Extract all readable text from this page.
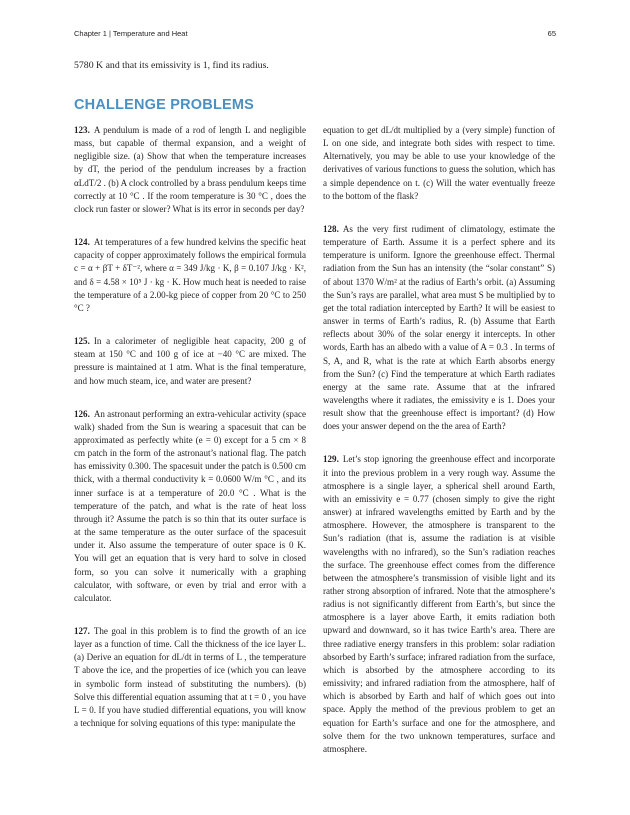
Chapter 1 | Temperature and Heat	65
5780 K and that its emissivity is 1, find its radius.
CHALLENGE PROBLEMS

123. A pendulum is made of a rod of length L and negligible mass, but capable of thermal expansion, and a weight of negligible size. (a) Show that when the temperature increases by dT, the period of the pendulum increases by a fraction αLdT/2 . (b) A clock controlled by a brass pendulum keeps time correctly at 10 °C . If the room temperature is 30 °C , does the clock run faster or slower? What is its error in seconds per day?

124. At temperatures of a few hundred kelvins the specific heat capacity of copper approximately follows the empirical formula c = α + βT + δT⁻², where α = 349 J/kg · K, β = 0.107 J/kg · K², and δ = 4.58 × 10⁵ J · kg · K. How much heat is needed to raise the temperature of a 2.00-kg piece of copper from 20 °C to 250 °C ?

125. In a calorimeter of negligible heat capacity, 200 g of steam at 150 °C and 100 g of ice at −40 °C are mixed. The pressure is maintained at 1 atm. What is the final temperature, and how much steam, ice, and water are present?

126. An astronaut performing an extra-vehicular activity (space walk) shaded from the Sun is wearing a spacesuit that can be approximated as perfectly white (e = 0) except for a 5 cm × 8 cm patch in the form of the astronaut’s national flag. The patch has emissivity 0.300. The spacesuit under the patch is 0.500 cm thick, with a thermal conductivity k = 0.0600 W/m °C , and its inner surface is at a temperature of 20.0 °C . What is the temperature of the patch, and what is the rate of heat loss through it? Assume the patch is so thin that its outer surface is at the same temperature as the outer surface of the spacesuit under it. Also assume the temperature of outer space is 0 K. You will get an equation that is very hard to solve in closed form, so you can solve it numerically with a graphing calculator, with software, or even by trial and error with a calculator.

127. The goal in this problem is to find the growth of an ice layer as a function of time. Call the thickness of the ice layer L. (a) Derive an equation for dL/dt in terms of L , the temperature T above the ice, and the properties of ice (which you can leave in symbolic form instead of substituting the numbers). (b) Solve this differential equation assuming that at t = 0 , you have L = 0. If you have studied differential equations, you will know a technique for solving equations of this type: manipulate the

equation to get dL/dt multiplied by a (very simple) function of L on one side, and integrate both sides with respect to time. Alternatively, you may be able to use your knowledge of the derivatives of various functions to guess the solution, which has a simple dependence on t. (c) Will the water eventually freeze to the bottom of the flask?

128. As the very first rudiment of climatology, estimate the temperature of Earth. Assume it is a perfect sphere and its temperature is uniform. Ignore the greenhouse effect. Thermal radiation from the Sun has an intensity (the “solar constant” S) of about 1370 W/m² at the radius of Earth’s orbit. (a) Assuming the Sun’s rays are parallel, what area must S be multiplied by to get the total radiation intercepted by Earth? It will be easiest to answer in terms of Earth’s radius, R. (b) Assume that Earth reflects about 30% of the solar energy it intercepts. In other words, Earth has an albedo with a value of A = 0.3 . In terms of S, A, and R, what is the rate at which Earth absorbs energy from the Sun? (c) Find the temperature at which Earth radiates energy at the same rate. Assume that at the infrared wavelengths where it radiates, the emissivity e is 1. Does your result show that the greenhouse effect is important? (d) How does your answer depend on the the area of Earth?

129. Let’s stop ignoring the greenhouse effect and incorporate it into the previous problem in a very rough way. Assume the atmosphere is a single layer, a spherical shell around Earth, with an emissivity e = 0.77 (chosen simply to give the right answer) at infrared wavelengths emitted by Earth and by the atmosphere. However, the atmosphere is transparent to the Sun’s radiation (that is, assume the radiation is at visible wavelengths with no infrared), so the Sun’s radiation reaches the surface. The greenhouse effect comes from the difference between the atmosphere’s transmission of visible light and its rather strong absorption of infrared. Note that the atmosphere’s radius is not significantly different from Earth’s, but since the atmosphere is a layer above Earth, it emits radiation both upward and downward, so it has twice Earth’s area. There are three radiative energy transfers in this problem: solar radiation absorbed by Earth’s surface; infrared radiation from the surface, which is absorbed by the atmosphere according to its emissivity; and infrared radiation from the atmosphere, half of which is absorbed by Earth and half of which goes out into space. Apply the method of the previous problem to get an equation for Earth’s surface and one for the atmosphere, and solve them for the two unknown temperatures, surface and atmosphere.
